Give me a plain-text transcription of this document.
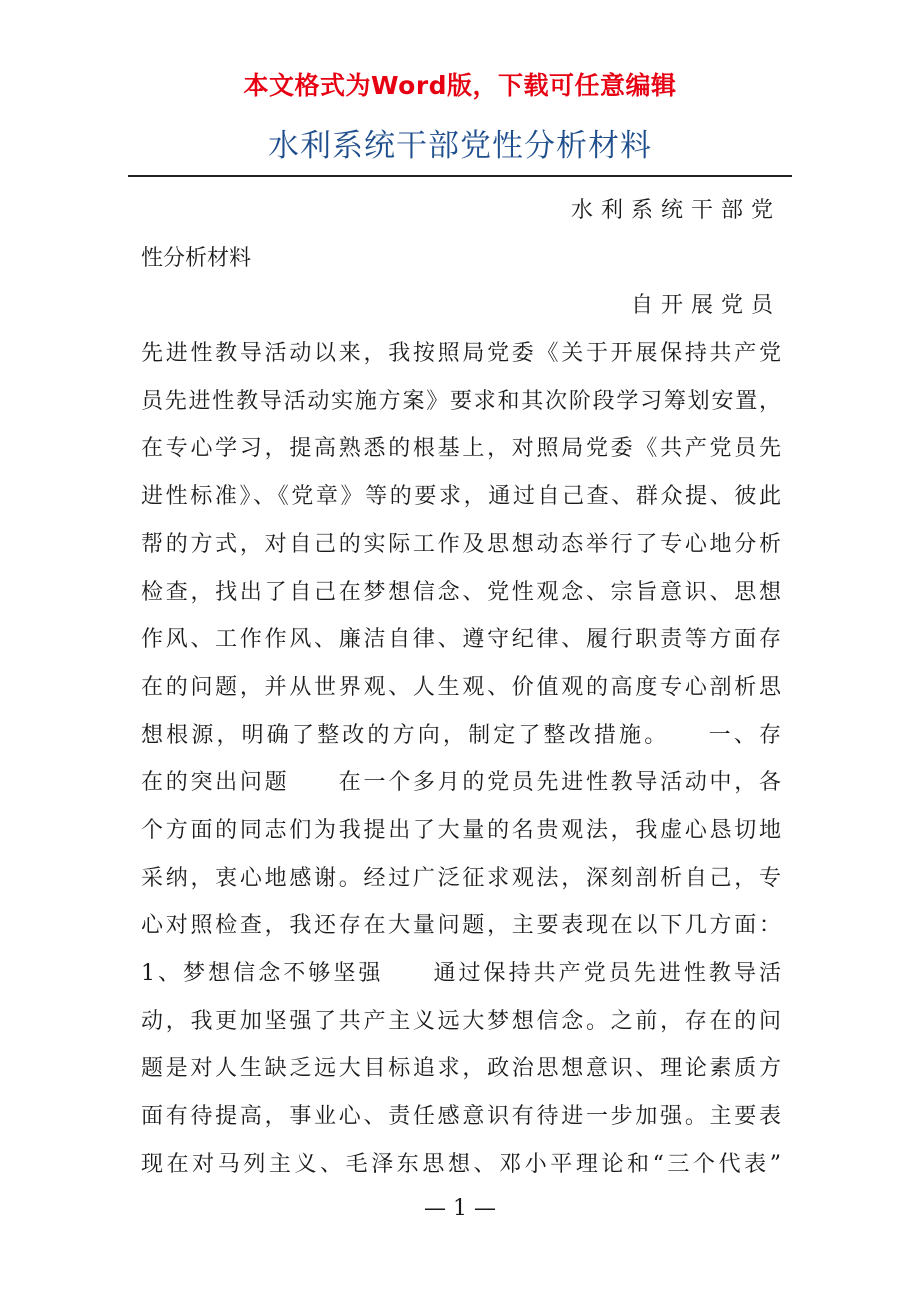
本文格式为Word版，下载可任意编辑
水利系统干部党性分析材料
水利系统干部党
性分析材料
自开展党员
先进性教导活动以来，我按照局党委《关于开展保持共产党
员先进性教导活动实施方案》要求和其次阶段学习筹划安置，
在专心学习，提高熟悉的根基上，对照局党委《共产党员先
进性标准》、《党章》等的要求，通过自己查、群众提、彼此
帮的方式，对自己的实际工作及思想动态举行了专心地分析
检查，找出了自己在梦想信念、党性观念、宗旨意识、思想
作风、工作作风、廉洁自律、遵守纪律、履行职责等方面存
在的问题，并从世界观、人生观、价值观的高度专心剖析思
想根源，明确了整改的方向，制定了整改措施。　　一、存
在的突出问题　　在一个多月的党员先进性教导活动中，各
个方面的同志们为我提出了大量的名贵观法，我虚心恳切地
采纳，衷心地感谢。经过广泛征求观法，深刻剖析自己，专
心对照检查，我还存在大量问题，主要表现在以下几方面：
1、梦想信念不够坚强　　通过保持共产党员先进性教导活
动，我更加坚强了共产主义远大梦想信念。之前，存在的问
题是对人生缺乏远大目标追求，政治思想意识、理论素质方
面有待提高，事业心、责任感意识有待进一步加强。主要表
现在对马列主义、毛泽东思想、邓小平理论和“三个代表”
— 1 —
